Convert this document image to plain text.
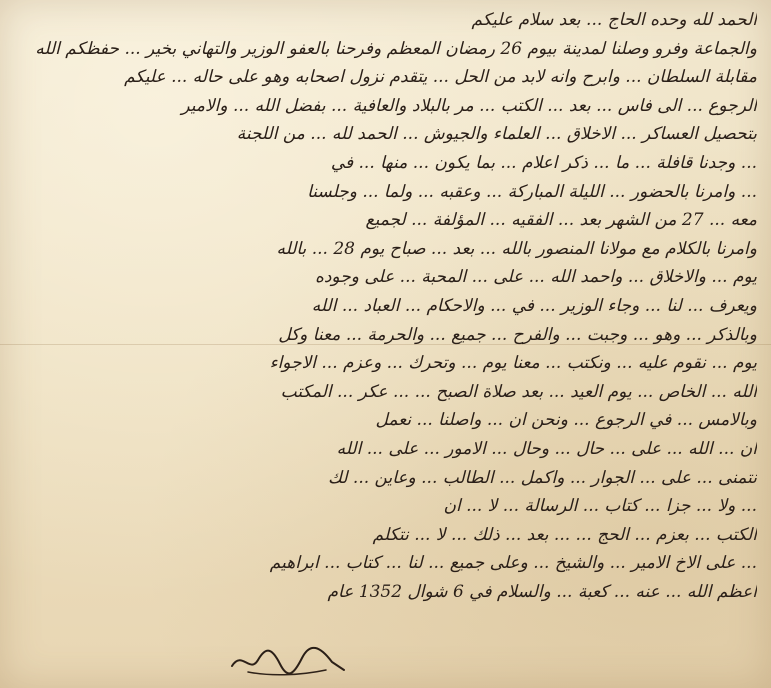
الحمد لله وحده الحاج ... بعد سلام عليكم
والجماعة وفرو وصلنا لمدينة بيوم 26 رمضان المعظم وفرحنا بالعفو الوزير والتهاني بخير ... حفظكم الله
مقابلة السلطان ... وابرح وانه لابد من الحل ... يتقدم نزول اصحابه وهو على حاله ... عليكم
الرجوع ... الى فاس ... بعد ... الكتب ... مر بالبلاد والعافية ... بفضل الله ... والامير
بتحصيل العساكر ... الاخلاق ... العلماء والجيوش ... الحمد لله ... من اللجنة
... وجدنا قافلة ... ما ... ذكر اعلام ... بما يكون ... منها ... في
... وامرنا بالحضور ... الليلة المباركة ... وعقبه ... ولما ... وجلسنا
معه ... 27 من الشهر بعد ... الفقيه ... المؤلفة ... لجميع
وامرنا بالكلام مع مولانا المنصور بالله ... بعد ... صباح يوم 28 ... بالله
يوم ... والاخلاق ... واحمد الله ... على ... المحبة ... على وجوده
ويعرف ... لنا ... وجاء الوزير ... في ... والاحكام ... العباد ... الله
وبالذكر ... وهو ... وجبت ... والفرح ... جميع ... والحرمة ... معنا وكل
يوم ... نقوم عليه ... ونكتب ... معنا يوم ... وتحرك ... وعزم ... الاجواء
الله ... الخاص ... يوم العيد ... بعد صلاة الصبح ... ... عكر ... المكتب
وبالامس ... في الرجوع ... ونحن ان ... واصلنا ... نعمل
ان ... الله ... على ... حال ... وحال ... الامور ... على ... الله
نتمنى ... على ... الجوار ... واكمل ... الطالب ... وعاين ... لك
... ولا ... جزا ... كتاب ... الرسالة ... لا ... ان
الكتب ... بعزم ... الحج ... ... بعد ... ذلك ... لا ... نتكلم
... على الاخ الامير ... والشيخ ... وعلى جميع ... لنا ... كتاب ... ابراهيم
اعظم الله ... عنه ... كعبة ... والسلام في 6 شوال 1352 عام
